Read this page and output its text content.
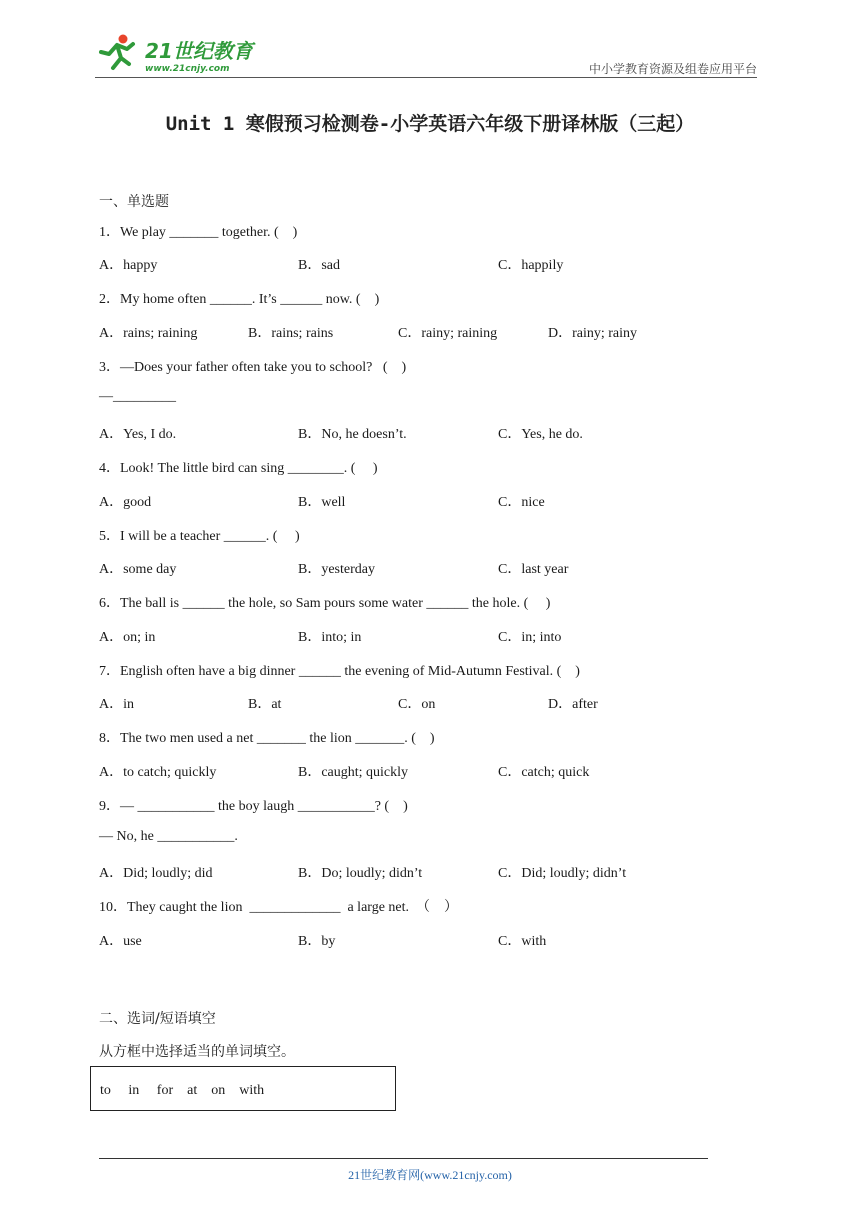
21世纪教育
www.21cnjy.com	中小学教育资源及组卷应用平台
Unit 1 寒假预习检测卷-小学英语六年级下册译林版（三起）
一、单选题
1．We play _______ together. (    )
A．happy	B．sad	C．happily
2．My home often ______. It’s ______ now. (    )
A．rains; raining	B．rains; rains	C．rainy; raining	D．rainy; rainy
3．—Does your father often take you to school?   (    )
—_________
A．Yes, I do.	B．No, he doesn’t.	C．Yes, he do.
4．Look! The little bird can sing ________. (     )
A．good	B．well	C．nice
5．I will be a teacher ______. (     )
A．some day	B．yesterday	C．last year
6．The ball is ______ the hole, so Sam pours some water ______ the hole. (     )
A．on; in	B．into; in	C．in; into
7．English often have a big dinner ______ the evening of Mid-Autumn Festival. (    )
A．in	B．at	C．on	D．after
8．The two men used a net _______ the lion _______. (    )
A．to catch; quickly	B．caught; quickly	C．catch; quick
9．— ___________ the boy laugh ___________? (    )
— No, he ___________.
A．Did; loudly; did	B．Do; loudly; didn’t	C．Did; loudly; didn’t
10．They caught the lion  _____________  a large net.  （    ）
A．use	B．by	C．with
二、选词/短语填空
从方框中选择适当的单词填空。
to     in     for    at    on    with
21世纪教育网(www.21cnjy.com)
